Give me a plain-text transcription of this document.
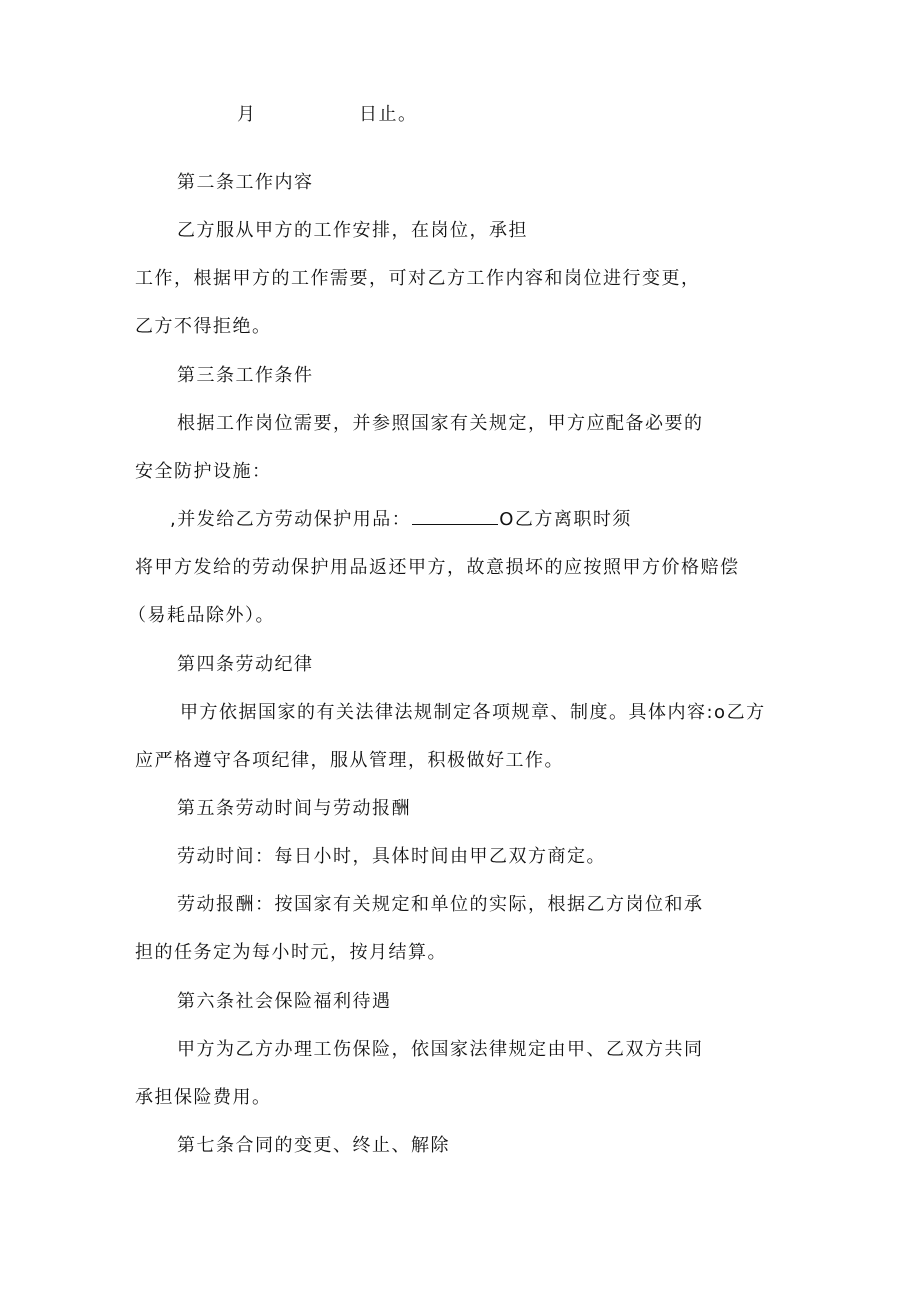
月	日止。
第二条工作内容
乙方服从甲方的工作安排，在岗位，承担
工作，根据甲方的工作需要，可对乙方工作内容和岗位进行变更，
乙方不得拒绝。
第三条工作条件
根据工作岗位需要，并参照国家有关规定，甲方应配备必要的
安全防护设施：
,并发给乙方劳动保护用品：	O乙方离职时须
将甲方发给的劳动保护用品返还甲方，故意损坏的应按照甲方价格赔偿
（易耗品除外）。
第四条劳动纪律
甲方依据国家的有关法律法规制定各项规章、制度。具体内容:o乙方
应严格遵守各项纪律，服从管理，积极做好工作。
第五条劳动时间与劳动报酬
劳动时间：每日小时，具体时间由甲乙双方商定。
劳动报酬：按国家有关规定和单位的实际，根据乙方岗位和承
担的任务定为每小时元，按月结算。
第六条社会保险福利待遇
甲方为乙方办理工伤保险，依国家法律规定由甲、乙双方共同
承担保险费用。
第七条合同的变更、终止、解除
